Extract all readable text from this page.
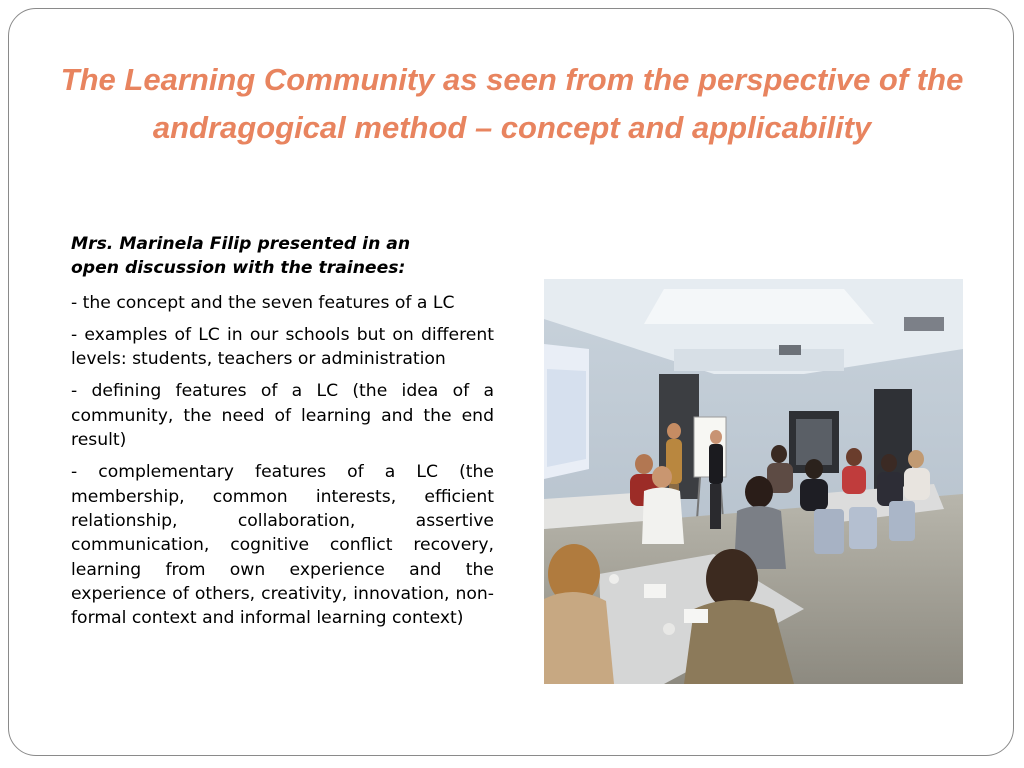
The Learning Community as seen from the perspective of the andragogical method – concept and applicability

Mrs. Marinela Filip presented in an open discussion with the trainees:

- the concept and the seven features of a LC

- examples of LC in our schools but on different levels: students, teachers or administration

- defining features of a LC (the idea of a community, the need of learning and the end result)

- complementary features of a LC (the membership, common interests, efficient relationship, collaboration, assertive communication, cognitive conflict recovery, learning from own experience and the experience of others, creativity, innovation, non-formal context and informal learning context)
